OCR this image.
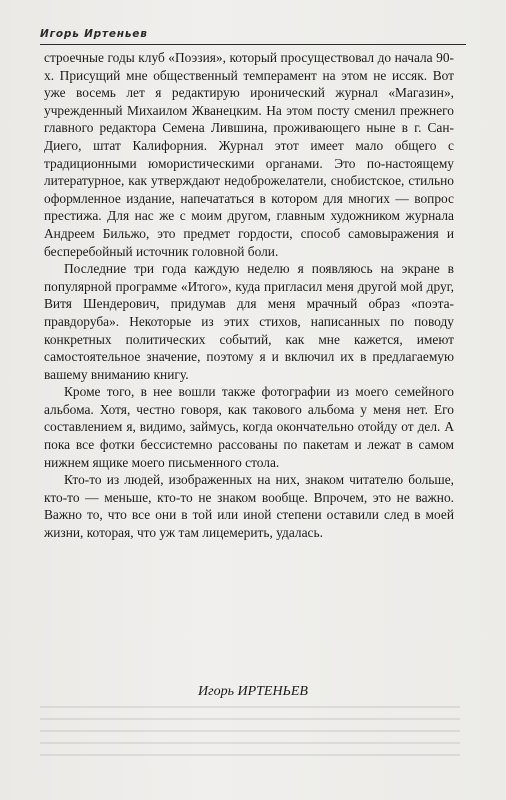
Игорь Иртеньев

строечные годы клуб «Поэзия», который просуществовал до начала 90-х. Присущий мне общественный темперамент на этом не иссяк. Вот уже восемь лет я редактирую иронический журнал «Магазин», учрежденный Михаилом Жванецким. На этом посту сменил прежнего главного редактора Семена Лившина, проживающего ныне в г. Сан-Диего, штат Калифорния. Журнал этот имеет мало общего с традиционными юмористическими органами. Это по-настоящему литературное, как утверждают недоброжелатели, снобистское, стильно оформленное издание, напечататься в котором для многих — вопрос престижа. Для нас же с моим другом, главным художником журнала Андреем Бильжо, это предмет гордости, способ самовыражения и бесперебойный источник головной боли.

Последние три года каждую неделю я появляюсь на экране в популярной программе «Итого», куда пригласил меня другой мой друг, Витя Шендерович, придумав для меня мрачный образ «поэта-правдоруба». Некоторые из этих стихов, написанных по поводу конкретных политических событий, как мне кажется, имеют самостоятельное значение, поэтому я и включил их в предлагаемую вашему вниманию книгу.

Кроме того, в нее вошли также фотографии из моего семейного альбома. Хотя, честно говоря, как такового альбома у меня нет. Его составлением я, видимо, займусь, когда окончательно отойду от дел. А пока все фотки бессистемно рассованы по пакетам и лежат в самом нижнем ящике моего письменного стола.

Кто-то из людей, изображенных на них, знаком читателю больше, кто-то — меньше, кто-то не знаком вообще. Впрочем, это не важно. Важно то, что все они в той или иной степени оставили след в моей жизни, которая, что уж там лицемерить, удалась.

Игорь ИРТЕНЬЕВ
